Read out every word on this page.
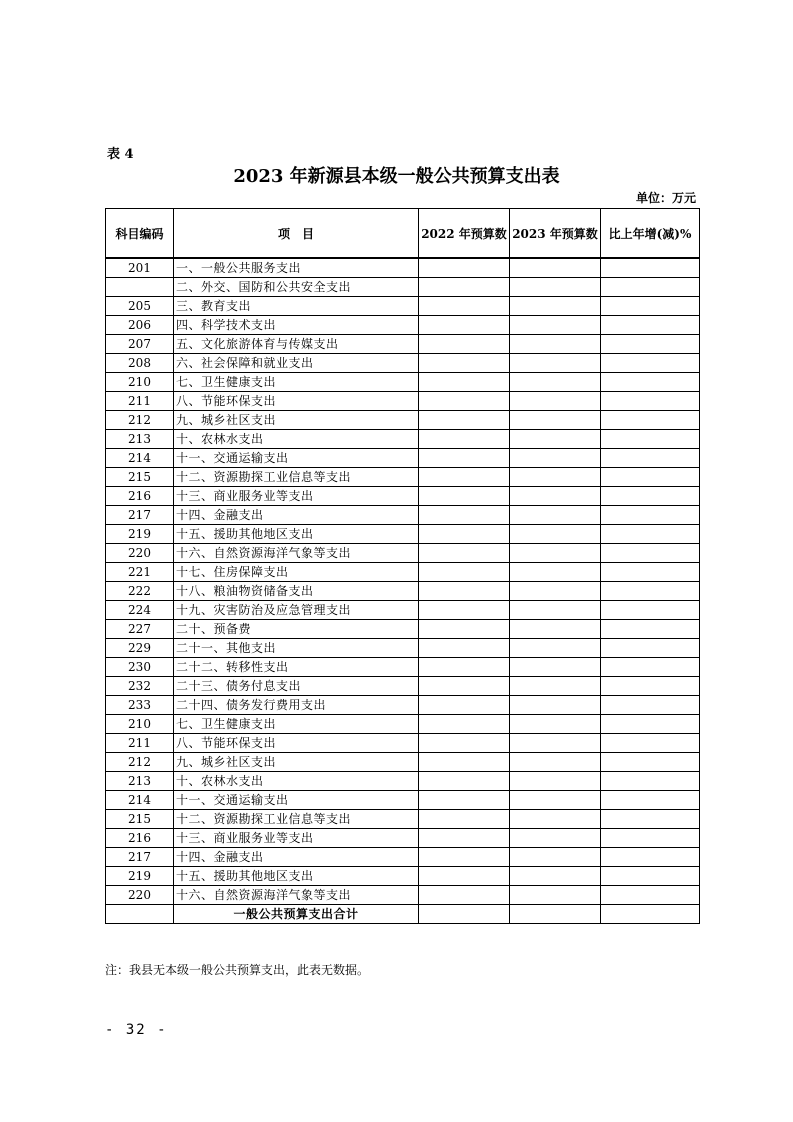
表 4
2023 年新源县本级一般公共预算支出表
单位：万元
科目编码	项　目	2022 年预算数	2023 年预算数	比上年增(减)%
201	一、一般公共服务支出			
	二、外交、国防和公共安全支出			
205	三、教育支出			
206	四、科学技术支出			
207	五、文化旅游体育与传媒支出			
208	六、社会保障和就业支出			
210	七、卫生健康支出			
211	八、节能环保支出			
212	九、城乡社区支出			
213	十、农林水支出			
214	十一、交通运输支出			
215	十二、资源勘探工业信息等支出			
216	十三、商业服务业等支出			
217	十四、金融支出			
219	十五、援助其他地区支出			
220	十六、自然资源海洋气象等支出			
221	十七、住房保障支出			
222	十八、粮油物资储备支出			
224	十九、灾害防治及应急管理支出			
227	二十、预备费			
229	二十一、其他支出			
230	二十二、转移性支出			
232	二十三、债务付息支出			
233	二十四、债务发行费用支出			
210	七、卫生健康支出			
211	八、节能环保支出			
212	九、城乡社区支出			
213	十、农林水支出			
214	十一、交通运输支出			
215	十二、资源勘探工业信息等支出			
216	十三、商业服务业等支出			
217	十四、金融支出			
219	十五、援助其他地区支出			
220	十六、自然资源海洋气象等支出			
	一般公共预算支出合计			
注：我县无本级一般公共预算支出，此表无数据。
- 32 -
